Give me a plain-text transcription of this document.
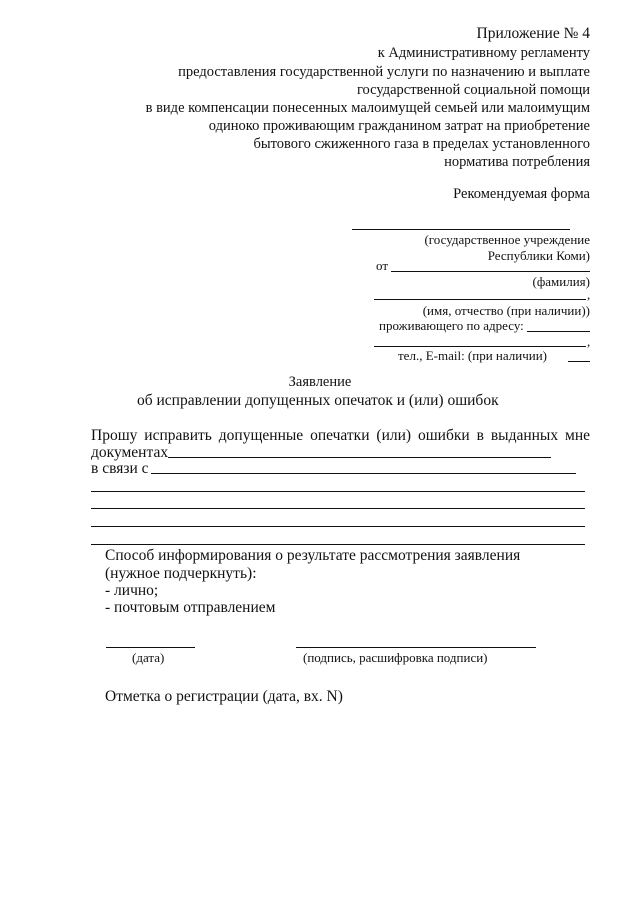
Приложение № 4
к Административному регламенту
предоставления государственной услуги по назначению и выплате
государственной социальной помощи
в виде компенсации понесенных малоимущей семьей или малоимущим
одиноко проживающим гражданином затрат на приобретение
бытового сжиженного газа в пределах установленного
норматива потребления
Рекомендуемая форма
(государственное учреждение
Республики Коми)
от
(фамилия)
,
(имя, отчество (при наличии))
проживающего по адресу:
,
тел., E-mail: (при наличии)
Заявление
об исправлении допущенных опечаток и (или) ошибок
Прошу исправить допущенные опечатки (или) ошибки в выданных мне
документах
в связи с
Способ информирования о результате рассмотрения заявления
(нужное подчеркнуть):
- лично;
- почтовым отправлением
(дата)	(подпись, расшифровка подписи)
Отметка о регистрации (дата, вх. N)
